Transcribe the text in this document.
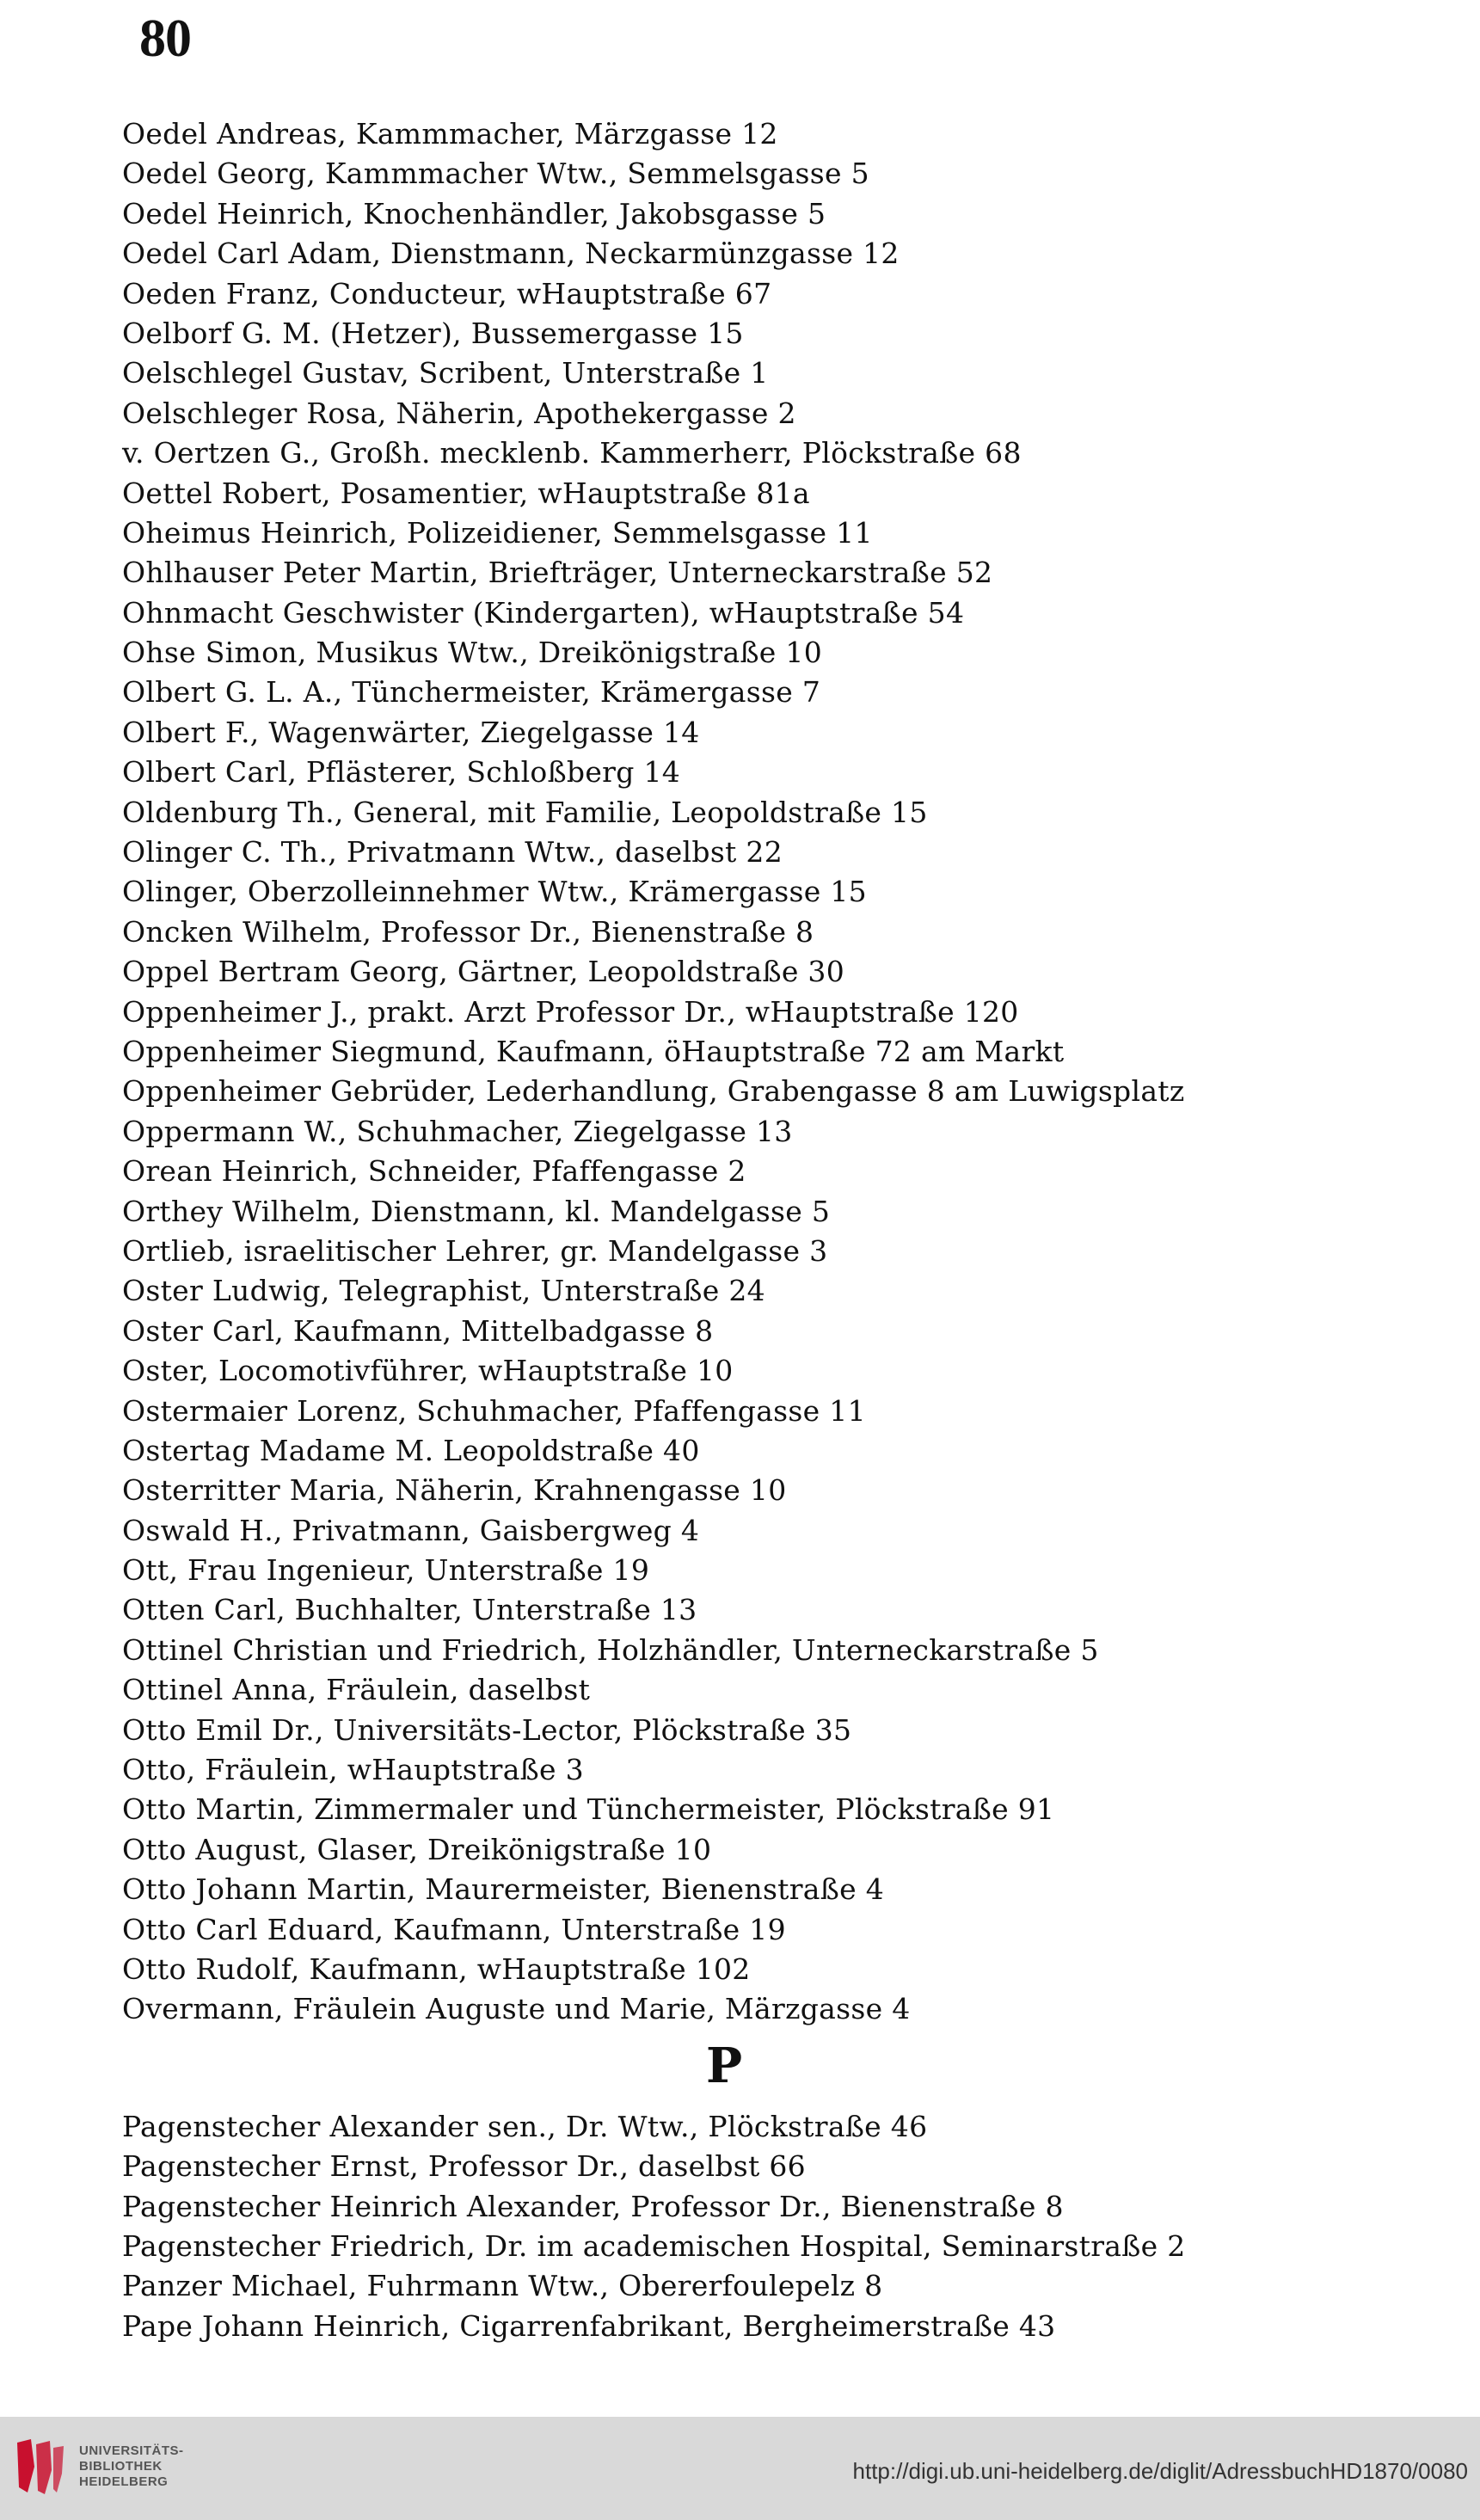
80
Oedel Andreas, Kammmacher, Märzgasse 12
Oedel Georg, Kammmacher Wtw., Semmelsgasse 5
Oedel Heinrich, Knochenhändler, Jakobsgasse 5
Oedel Carl Adam, Dienstmann, Neckarmünzgasse 12
Oeden Franz, Conducteur, wHauptstraße 67
Oelborf G. M. (Hetzer), Bussemergasse 15
Oelschlegel Gustav, Scribent, Unterstraße 1
Oelschleger Rosa, Näherin, Apothekergasse 2
v. Oertzen G., Großh. mecklenb. Kammerherr, Plöckstraße 68
Oettel Robert, Posamentier, wHauptstraße 81a
Oheimus Heinrich, Polizeidiener, Semmelsgasse 11
Ohlhauser Peter Martin, Briefträger, Unterneckarstraße 52
Ohnmacht Geschwister (Kindergarten), wHauptstraße 54
Ohse Simon, Musikus Wtw., Dreikönigstraße 10
Olbert G. L. A., Tünchermeister, Krämergasse 7
Olbert F., Wagenwärter, Ziegelgasse 14
Olbert Carl, Pflästerer, Schloßberg 14
Oldenburg Th., General, mit Familie, Leopoldstraße 15
Olinger C. Th., Privatmann Wtw., daselbst 22
Olinger, Oberzolleinnehmer Wtw., Krämergasse 15
Oncken Wilhelm, Professor Dr., Bienenstraße 8
Oppel Bertram Georg, Gärtner, Leopoldstraße 30
Oppenheimer J., prakt. Arzt Professor Dr., wHauptstraße 120
Oppenheimer Siegmund, Kaufmann, öHauptstraße 72 am Markt
Oppenheimer Gebrüder, Lederhandlung, Grabengasse 8 am Luwigsplatz
Oppermann W., Schuhmacher, Ziegelgasse 13
Orean Heinrich, Schneider, Pfaffengasse 2
Orthey Wilhelm, Dienstmann, kl. Mandelgasse 5
Ortlieb, israelitischer Lehrer, gr. Mandelgasse 3
Oster Ludwig, Telegraphist, Unterstraße 24
Oster Carl, Kaufmann, Mittelbadgasse 8
Oster, Locomotivführer, wHauptstraße 10
Ostermaier Lorenz, Schuhmacher, Pfaffengasse 11
Ostertag Madame M. Leopoldstraße 40
Osterritter Maria, Näherin, Krahnengasse 10
Oswald H., Privatmann, Gaisbergweg 4
Ott, Frau Ingenieur, Unterstraße 19
Otten Carl, Buchhalter, Unterstraße 13
Ottinel Christian und Friedrich, Holzhändler, Unterneckarstraße 5
Ottinel Anna, Fräulein, daselbst
Otto Emil Dr., Universitäts-Lector, Plöckstraße 35
Otto, Fräulein, wHauptstraße 3
Otto Martin, Zimmermaler und Tünchermeister, Plöckstraße 91
Otto August, Glaser, Dreikönigstraße 10
Otto Johann Martin, Maurermeister, Bienenstraße 4
Otto Carl Eduard, Kaufmann, Unterstraße 19
Otto Rudolf, Kaufmann, wHauptstraße 102
Overmann, Fräulein Auguste und Marie, Märzgasse 4
P
Pagenstecher Alexander sen., Dr. Wtw., Plöckstraße 46
Pagenstecher Ernst, Professor Dr., daselbst 66
Pagenstecher Heinrich Alexander, Professor Dr., Bienenstraße 8
Pagenstecher Friedrich, Dr. im academischen Hospital, Seminarstraße 2
Panzer Michael, Fuhrmann Wtw., Obererfoulepelz 8
Pape Johann Heinrich, Cigarrenfabrikant, Bergheimerstraße 43
UNIVERSITÄTS-
BIBLIOTHEK
HEIDELBERG	http://digi.ub.uni-heidelberg.de/diglit/AdressbuchHD1870/0080
